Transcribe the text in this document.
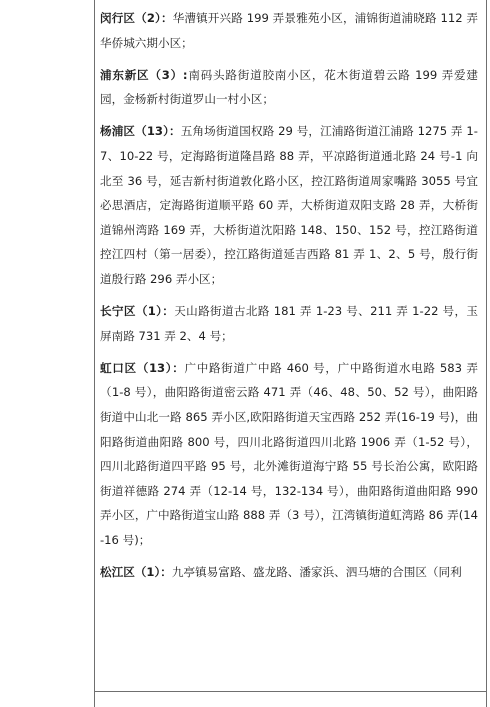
闵行区（2）：华漕镇开兴路 199 弄景雅苑小区，浦锦街道浦晓路 112 弄华侨城六期小区；

浦东新区（3）:南码头路街道胶南小区，花木街道碧云路 199 弄爱建园，金杨新村街道罗山一村小区；

杨浦区（13）：五角场街道国权路 29 号，江浦路街道江浦路 1275 弄 1-7、10-22 号，定海路街道隆昌路 88 弄，平凉路街道通北路 24 号-1 向北至 36 号，延吉新村街道敦化路小区，控江路街道周家嘴路 3055 号宜必思酒店，定海路街道顺平路 60 弄，大桥街道双阳支路 28 弄，大桥街道锦州湾路 169 弄，大桥街道沈阳路 148、150、152 号，控江路街道控江四村（第一居委），控江路街道延吉西路 81 弄 1、2、5 号，殷行街道殷行路 296 弄小区；

长宁区（1）：天山路街道古北路 181 弄 1-23 号、211 弄 1-22 号，玉屏南路 731 弄 2、4 号；

虹口区（13）：广中路街道广中路 460 号，广中路街道水电路 583 弄（1-8 号），曲阳路街道密云路 471 弄（46、48、50、52 号），曲阳路街道中山北一路 865 弄小区,欧阳路街道天宝西路 252 弄(16-19 号)，曲阳路街道曲阳路 800 号，四川北路街道四川北路 1906 弄（1-52 号），四川北路街道四平路 95 号，北外滩街道海宁路 55 号长治公寓，欧阳路街道祥德路 274 弄（12-14 号，132-134 号），曲阳路街道曲阳路 990 弄小区，广中路街道宝山路 888 弄（3 号），江湾镇街道虹湾路 86 弄(14-16 号)；

松江区（1）：九亭镇易富路、盛龙路、潘家浜、泗马塘的合围区（同利
